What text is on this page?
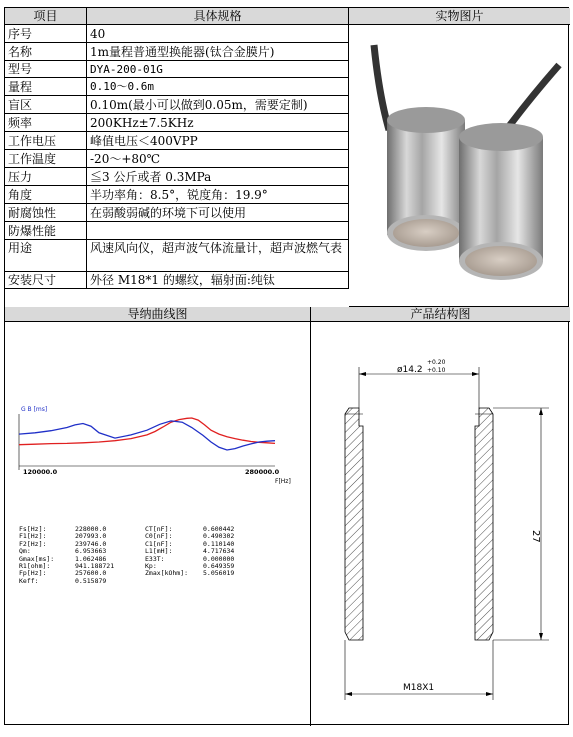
项目	具体规格	实物图片
序号	40
名称	1m量程普通型换能器(钛合金膜片)
型号	DYA-200-01G
量程	0.10～0.6m
盲区	0.10m(最小可以做到0.05m，需要定制)
频率	200KHz±7.5KHz
工作电压	峰值电压＜400VPP
工作温度	-20～+80℃
压力	≦3 公斤或者 0.3MPa
角度	半功率角：8.5°，锐度角：19.9°
耐腐蚀性	在弱酸弱碱的环境下可以使用
防爆性能
用途	风速风向仪，超声波气体流量计，超声波燃气表
安装尺寸	外径 M18*1 的螺纹，辐射面:纯钛
导纳曲线图	产品结构图
G B [ms]
120000.0	280000.0
F[Hz]
Fs[Hz]:	228000.0
F1[Hz]:	207993.0
F2[Hz]:	239746.0
Qm:	6.953663
Gmax[ms]:	1.062486
R1[ohm]:	941.188721
Fp[Hz]:	257600.0
Keff:	0.515879
CT[nF]:	0.600442
C0[nF]:	0.490302
C1[nF]:	0.110140
L1[mH]:	4.717634
E33T:	0.000000
Kp:	0.649359
Zmax[kOhm]: 5.056019
ø14.2
+0.20
+0.10
27
M18X1
